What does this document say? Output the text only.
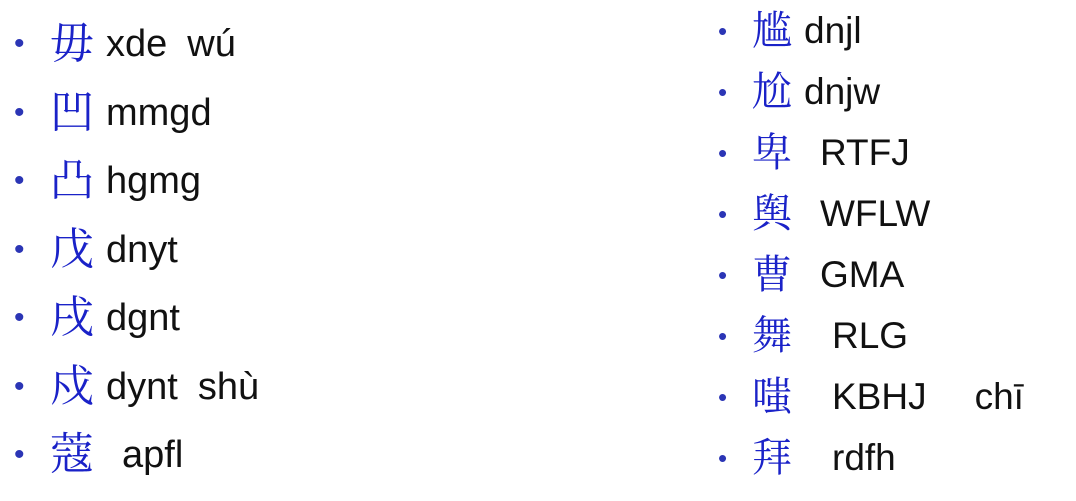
• 毋 xde wú
• 凹 mmgd
• 凸 hgmg
• 戊 dnyt
• 戌 dgnt
• 戍 dynt shù
• 蔻 apfl
• 尴 dnjl
• 尬 dnjw
• 卑 RTFJ
• 舆 WFLW
• 曹 GMA
• 舞 RLG
• 嗤 KBHJ chī
• 拜 rdfh
